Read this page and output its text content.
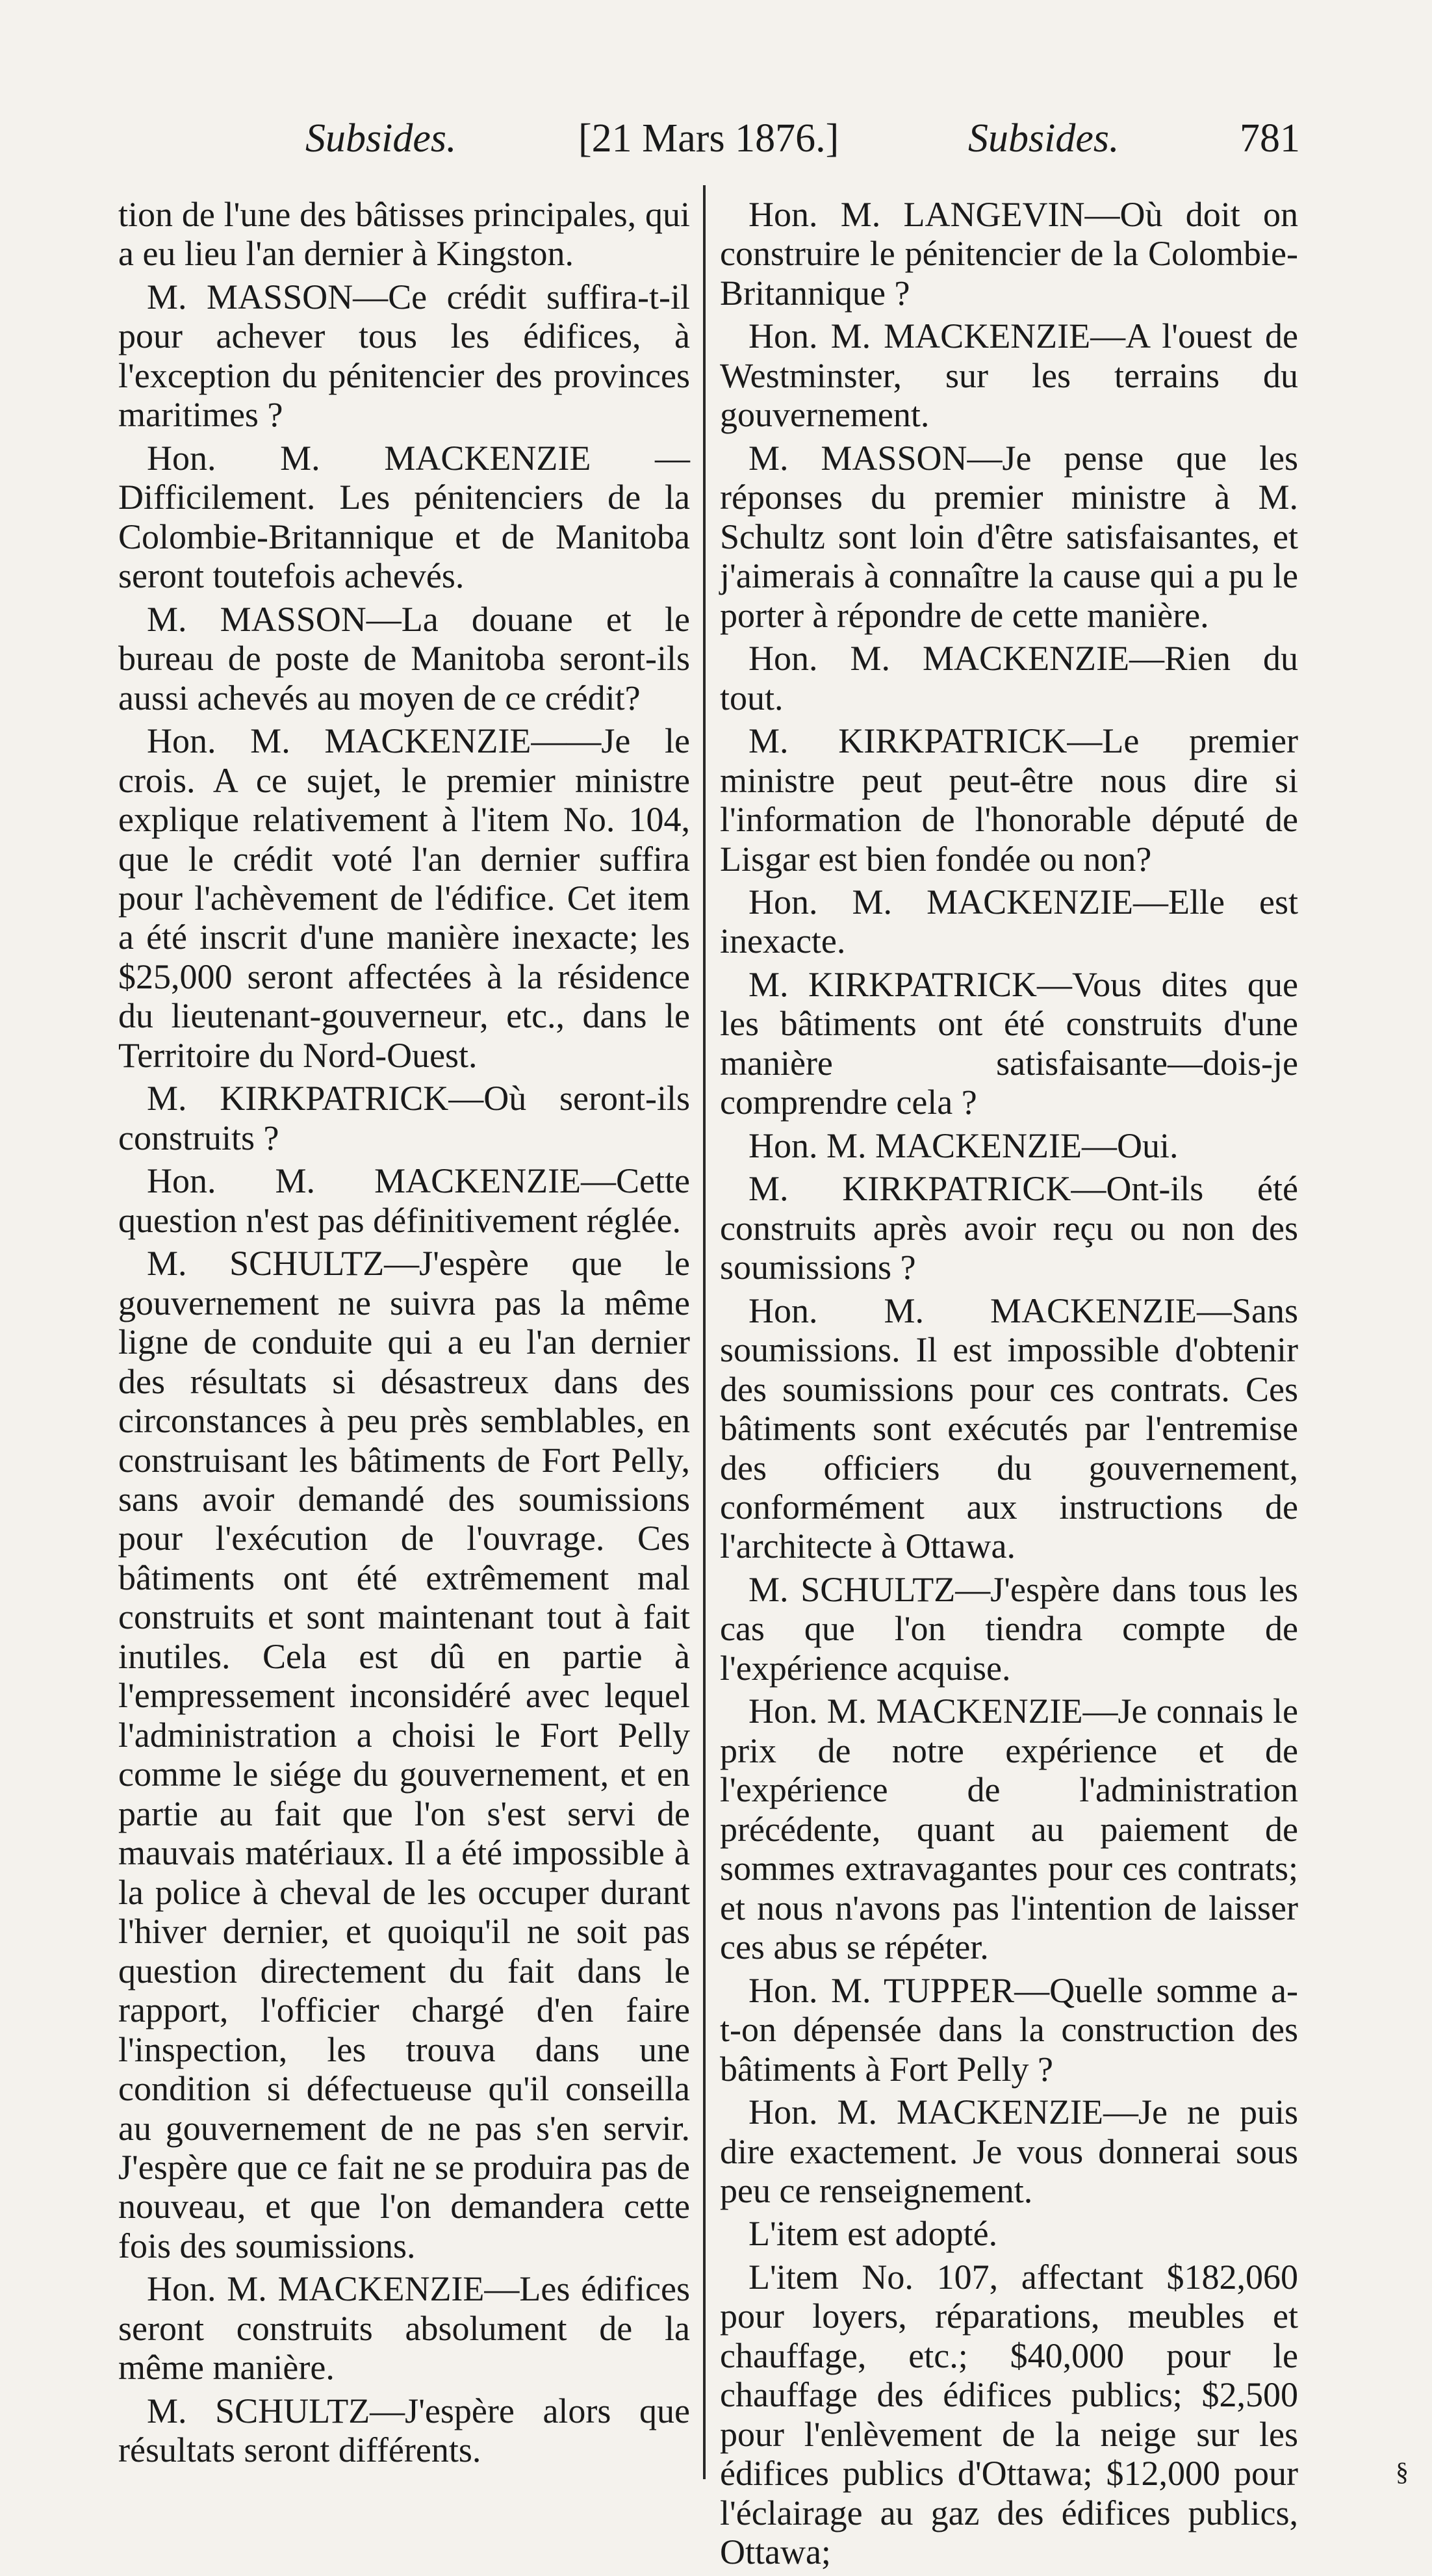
Subsides.	[21 Mars 1876.]	Subsides.	781

tion de l'une des bâtisses principales, qui a eu lieu l'an dernier à Kingston.

M. MASSON—Ce crédit suffira-t-il pour achever tous les édifices, à l'exception du pénitencier des provinces maritimes ?

Hon. M. MACKENZIE — Difficilement. Les pénitenciers de la Colombie-Britannique et de Manitoba seront toutefois achevés.

M. MASSON—La douane et le bureau de poste de Manitoba seront-ils aussi achevés au moyen de ce crédit?

Hon. M. MACKENZIE——Je le crois. A ce sujet, le premier ministre explique relativement à l'item No. 104, que le crédit voté l'an dernier suffira pour l'achèvement de l'édifice. Cet item a été inscrit d'une manière inexacte; les $25,000 seront affectées à la résidence du lieutenant-gouverneur, etc., dans le Territoire du Nord-Ouest.

M. KIRKPATRICK—Où seront-ils construits ?

Hon. M. MACKENZIE—Cette question n'est pas définitivement réglée.

M. SCHULTZ—J'espère que le gouvernement ne suivra pas la même ligne de conduite qui a eu l'an dernier des résultats si désastreux dans des circonstances à peu près semblables, en construisant les bâtiments de Fort Pelly, sans avoir demandé des soumissions pour l'exécution de l'ouvrage. Ces bâtiments ont été extrêmement mal construits et sont maintenant tout à fait inutiles. Cela est dû en partie à l'empressement inconsidéré avec lequel l'administration a choisi le Fort Pelly comme le siége du gouvernement, et en partie au fait que l'on s'est servi de mauvais matériaux. Il a été impossible à la police à cheval de les occuper durant l'hiver dernier, et quoiqu'il ne soit pas question directement du fait dans le rapport, l'officier chargé d'en faire l'inspection, les trouva dans une condition si défectueuse qu'il conseilla au gouvernement de ne pas s'en servir. J'espère que ce fait ne se produira pas de nouveau, et que l'on demandera cette fois des soumissions.

Hon. M. MACKENZIE—Les édifices seront construits absolument de la même manière.

M. SCHULTZ—J'espère alors que résultats seront différents.

Hon. M. LANGEVIN—Où doit on construire le pénitencier de la Colombie-Britannique ?

Hon. M. MACKENZIE—A l'ouest de Westminster, sur les terrains du gouvernement.

M. MASSON—Je pense que les réponses du premier ministre à M. Schultz sont loin d'être satisfaisantes, et j'aimerais à connaître la cause qui a pu le porter à répondre de cette manière.

Hon. M. MACKENZIE—Rien du tout.

M. KIRKPATRICK—Le premier ministre peut peut-être nous dire si l'information de l'honorable député de Lisgar est bien fondée ou non?

Hon. M. MACKENZIE—Elle est inexacte.

M. KIRKPATRICK—Vous dites que les bâtiments ont été construits d'une manière satisfaisante—dois-je comprendre cela ?

Hon. M. MACKENZIE—Oui.

M. KIRKPATRICK—Ont-ils été construits après avoir reçu ou non des soumissions ?

Hon. M. MACKENZIE—Sans soumissions. Il est impossible d'obtenir des soumissions pour ces contrats. Ces bâtiments sont exécutés par l'entremise des officiers du gouvernement, conformément aux instructions de l'architecte à Ottawa.

M. SCHULTZ—J'espère dans tous les cas que l'on tiendra compte de l'expérience acquise.

Hon. M. MACKENZIE—Je connais le prix de notre expérience et de l'expérience de l'administration précédente, quant au paiement de sommes extravagantes pour ces contrats; et nous n'avons pas l'intention de laisser ces abus se répéter.

Hon. M. TUPPER—Quelle somme a-t-on dépensée dans la construction des bâtiments à Fort Pelly ?

Hon. M. MACKENZIE—Je ne puis dire exactement. Je vous donnerai sous peu ce renseignement.

L'item est adopté.

L'item No. 107, affectant $182,060 pour loyers, réparations, meubles et chauffage, etc.; $40,000 pour le chauffage des édifices publics; $2,500 pour l'enlèvement de la neige sur les édifices publics d'Ottawa; $12,000 pour l'éclairage au gaz des édifices publics, Ottawa;

§
